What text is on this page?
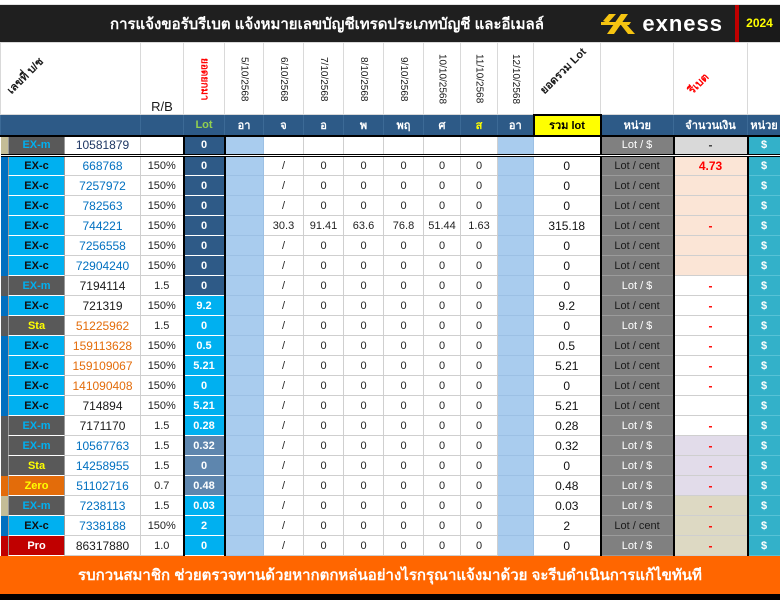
การแจ้งขอรับรีเบต แจ้งหมายเลขบัญชีเทรดประเภทบัญชี และอีเมลล์	exness	2024
เลขที่ บ/ช			R/B	ยอดยกมา	5/10/2568	6/10/2568	7/10/2568	8/10/2568	9/10/2568	10/10/2568	11/10/2568	12/10/2568	ยอดรวม Lot		รีเบต	

				Lot	อา	จ	อ	พ	พฤ	ศ	ส	อา	รวม lot	หน่วย	จำนวนเงิน	หน่วย
	EX-m	10581879		0										Lot / $	-	$
	EX-c	668768	150%	0		/	0	0	0	0	0		0	Lot / cent	4.73	$
	EX-c	7257972	150%	0		/	0	0	0	0	0		0	Lot / cent		$
	EX-c	782563	150%	0		/	0	0	0	0	0		0	Lot / cent		$
	EX-c	744221	150%	0		30.3	91.41	63.6	76.8	51.44	1.63		315.18	Lot / cent	-	$
	EX-c	7256558	150%	0		/	0	0	0	0	0		0	Lot / cent		$
	EX-c	72904240	150%	0		/	0	0	0	0	0		0	Lot / cent		$
	EX-m	7194114	1.5	0		/	0	0	0	0	0		0	Lot / $	-	$
	EX-c	721319	150%	9.2		/	0	0	0	0	0		9.2	Lot / cent	-	$
	Sta	51225962	1.5	0		/	0	0	0	0	0		0	Lot / $	-	$
	EX-c	159113628	150%	0.5		/	0	0	0	0	0		0.5	Lot / cent	-	$
	EX-c	159109067	150%	5.21		/	0	0	0	0	0		5.21	Lot / cent	-	$
	EX-c	141090408	150%	0		/	0	0	0	0	0		0	Lot / cent	-	$
	EX-c	714894	150%	5.21		/	0	0	0	0	0		5.21	Lot / cent		$
	EX-m	7171170	1.5	0.28		/	0	0	0	0	0		0.28	Lot / $	-	$
	EX-m	10567763	1.5	0.32		/	0	0	0	0	0		0.32	Lot / $	-	$
	Sta	14258955	1.5	0		/	0	0	0	0	0		0	Lot / $	-	$
	Zero	51102716	0.7	0.48		/	0	0	0	0	0		0.48	Lot / $	-	$
	EX-m	7238113	1.5	0.03		/	0	0	0	0	0		0.03	Lot / $	-	$
	EX-c	7338188	150%	2		/	0	0	0	0	0		2	Lot / cent	-	$
	Pro	86317880	1.0	0		/	0	0	0	0	0		0	Lot / $	-	$
รบกวนสมาชิก ช่วยตรวจทานด้วยหากตกหล่นอย่างไรกรุณาแจ้งมาด้วย จะรีบดำเนินการแก้ไขทันที
